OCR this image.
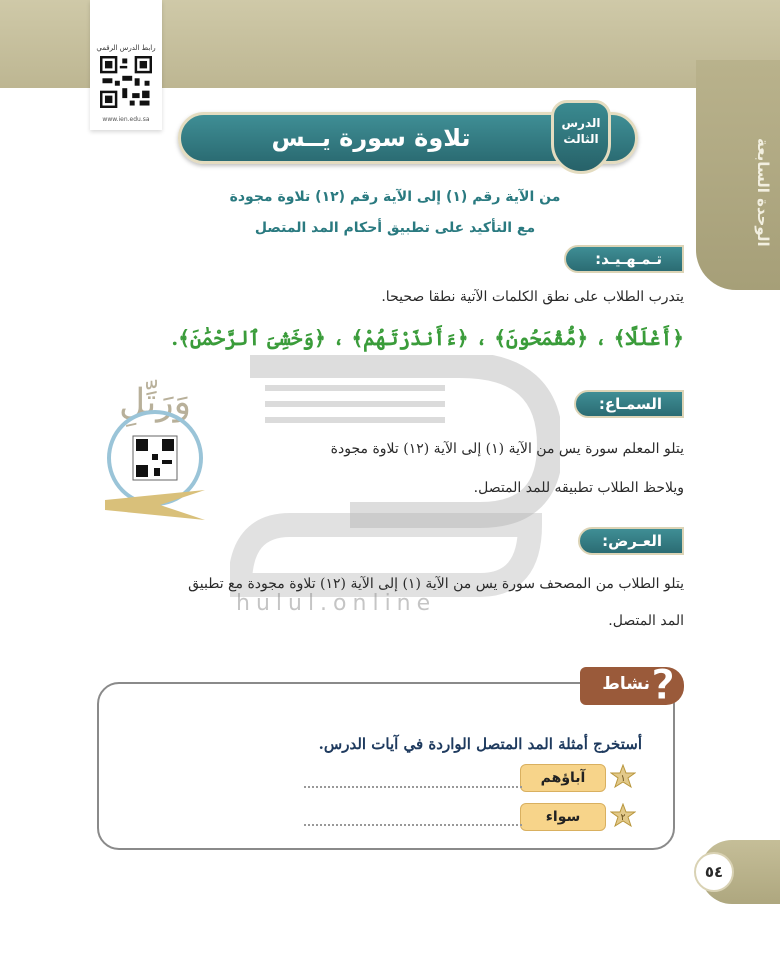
الوحدة السابعة
رابط الدرس الرقمي
www.ien.edu.sa
تلاوة سورة يــس
الدرس
الثالث
من الآية رقم (١) إلى الآية رقم (١٢) تلاوة مجودة
مع التأكيد على تطبيق أحكام المد المتصل
تـمـهـيـد:
يتدرب الطلاب على نطق الكلمات الآتية نطقا صحيحا.
﴿أَغْلَلًا﴾ ، ﴿مُّقْمَحُونَ﴾ ، ﴿ءَأَنذَرْتَهُمْ﴾ ، ﴿وَخَشِىَ ٱلرَّحْمَٰنَ﴾.
وَرَتِّلِ	السمـاع:
يتلو المعلم سورة يس من الآية (١) إلى الآية (١٢) تلاوة مجودة
ويلاحظ الطلاب تطبيقه للمد المتصل.
العـرض:
يتلو الطلاب من المصحف سورة يس من الآية (١) إلى الآية (١٢) تلاوة مجودة مع تطبيق
المد المتصل.
hulul.online
نشاط ?
أستخرج أمثلة المد المتصل الواردة في آيات الدرس.
١
آباؤهم
٢
سواء
٥٤
